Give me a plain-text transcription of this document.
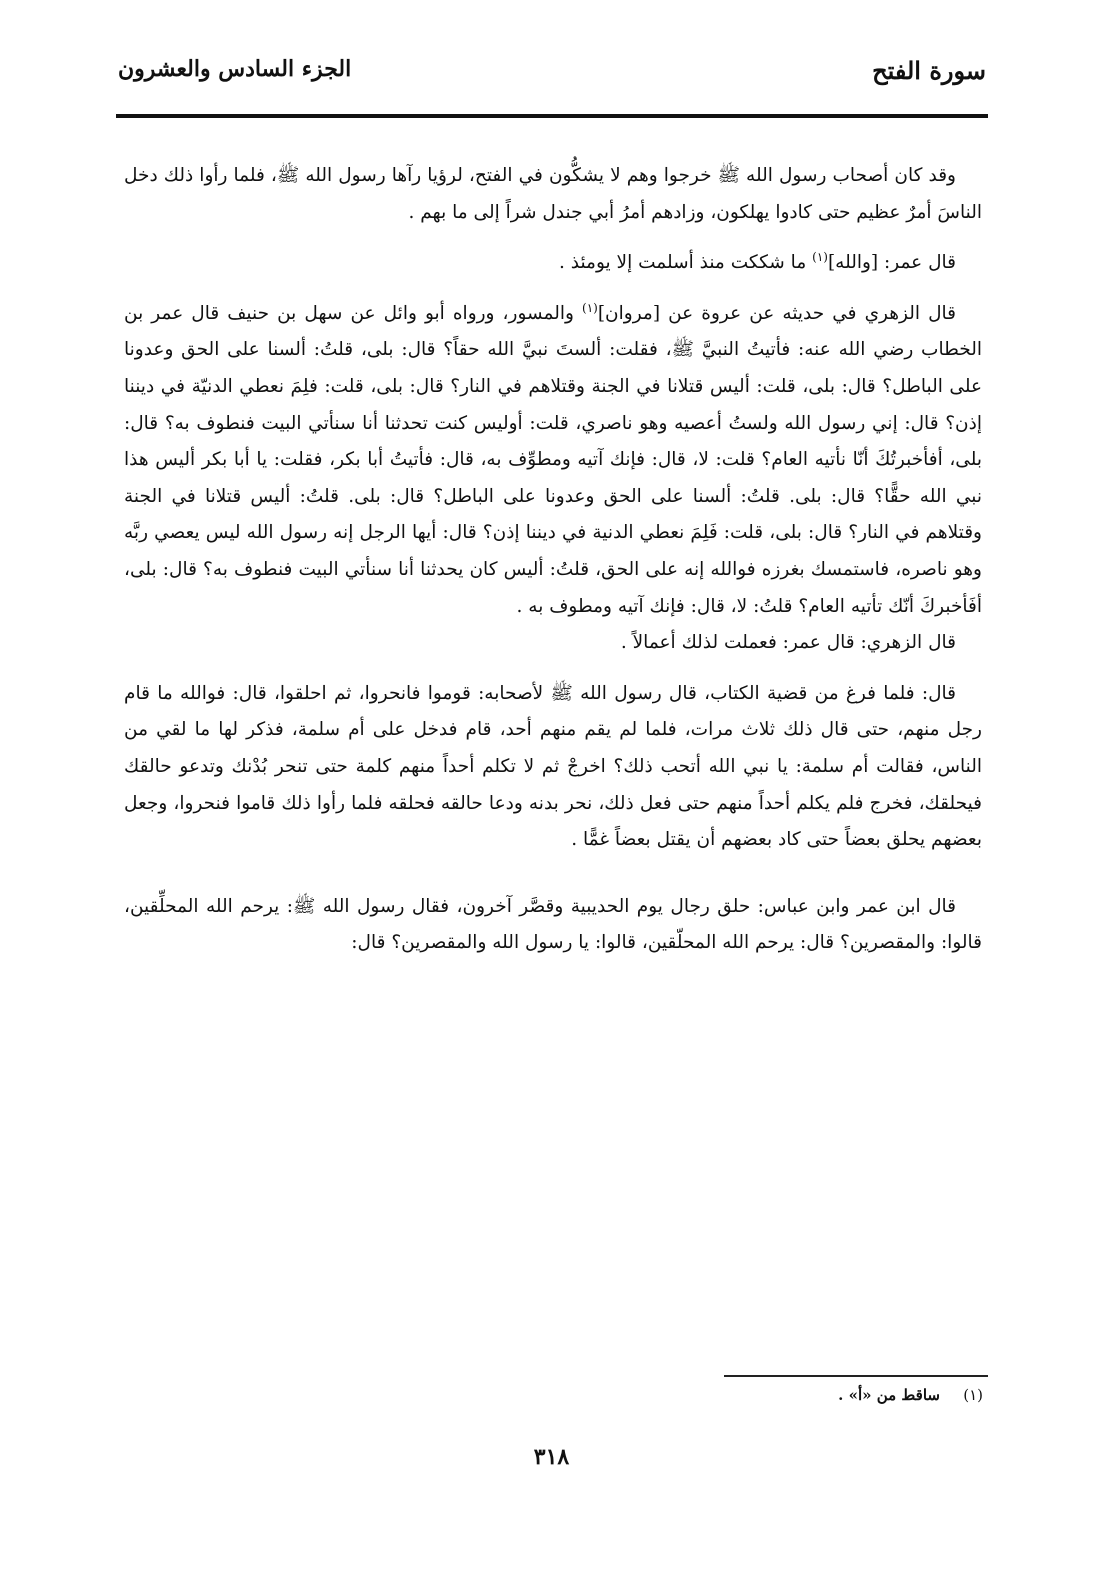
سورة الفتح
الجزء السادس والعشرون

وقد كان أصحاب رسول الله ﷺ خرجوا وهم لا يشكُّون في الفتح، لرؤيا رآها رسول الله ﷺ، فلما رأوا ذلك دخل الناسَ أمرٌ عظيم حتى كادوا يهلكون، وزادهم أمرُ أبي جندل شراً إلى ما بهم .

قال عمر: [والله]$^{(١)}$ ما شككت منذ أسلمت إلا يومئذ .

قال الزهري في حديثه عن عروة عن [مروان]$^{(١)}$ والمسور، ورواه أبو وائل عن سهل بن حنيف قال عمر بن الخطاب رضي الله عنه: فأتيتُ النبيَّ ﷺ، فقلت: ألستَ نبيَّ الله حقاً؟ قال: بلى، قلتُ: ألسنا على الحق وعدونا على الباطل؟ قال: بلى، قلت: أليس قتلانا في الجنة وقتلاهم في النار؟ قال: بلى، قلت: فلِمَ نعطي الدنيّة في ديننا إذن؟ قال: إني رسول الله ولستُ أعصيه وهو ناصري، قلت: أوليس كنت تحدثنا أنا سنأتي البيت فنطوف به؟ قال: بلى، أفأخبرتُكَ أنّا نأتيه العام؟ قلت: لا، قال: فإنك آتيه ومطوِّف به، قال: فأتيتُ أبا بكر، فقلت: يا أبا بكر أليس هذا نبي الله حقًّا؟ قال: بلى. قلتُ: ألسنا على الحق وعدونا على الباطل؟ قال: بلى. قلتُ: أليس قتلانا في الجنة وقتلاهم في النار؟ قال: بلى، قلت: فَلِمَ نعطي الدنية في ديننا إذن؟ قال: أيها الرجل إنه رسول الله ليس يعصي ربَّه وهو ناصره، فاستمسك بغرزه فوالله إنه على الحق، قلتُ: أليس كان يحدثنا أنا سنأتي البيت فنطوف به؟ قال: بلى، أفَأخبركَ أنّك تأتيه العام؟ قلتُ: لا، قال: فإنك آتيه ومطوف به .

قال الزهري: قال عمر: فعملت لذلك أعمالاً .

قال: فلما فرغ من قضية الكتاب، قال رسول الله ﷺ لأصحابه: قوموا فانحروا، ثم احلقوا، قال: فوالله ما قام رجل منهم، حتى قال ذلك ثلاث مرات، فلما لم يقم منهم أحد، قام فدخل على أم سلمة، فذكر لها ما لقي من الناس، فقالت أم سلمة: يا نبي الله أتحب ذلك؟ اخرجْ ثم لا تكلم أحداً منهم كلمة حتى تنحر بُدْنك وتدعو حالقك فيحلقك، فخرج فلم يكلم أحداً منهم حتى فعل ذلك، نحر بدنه ودعا حالقه فحلقه فلما رأوا ذلك قاموا فنحروا، وجعل بعضهم يحلق بعضاً حتى كاد بعضهم أن يقتل بعضاً غمًّا .

قال ابن عمر وابن عباس: حلق رجال يوم الحديبية وقصَّر آخرون، فقال رسول الله ﷺ: يرحم الله المحلِّقين، قالوا: والمقصرين؟ قال: يرحم الله المحلّقين، قالوا: يا رسول الله والمقصرين؟ قال:

(١) ساقط من «أ» .
٣١٨
